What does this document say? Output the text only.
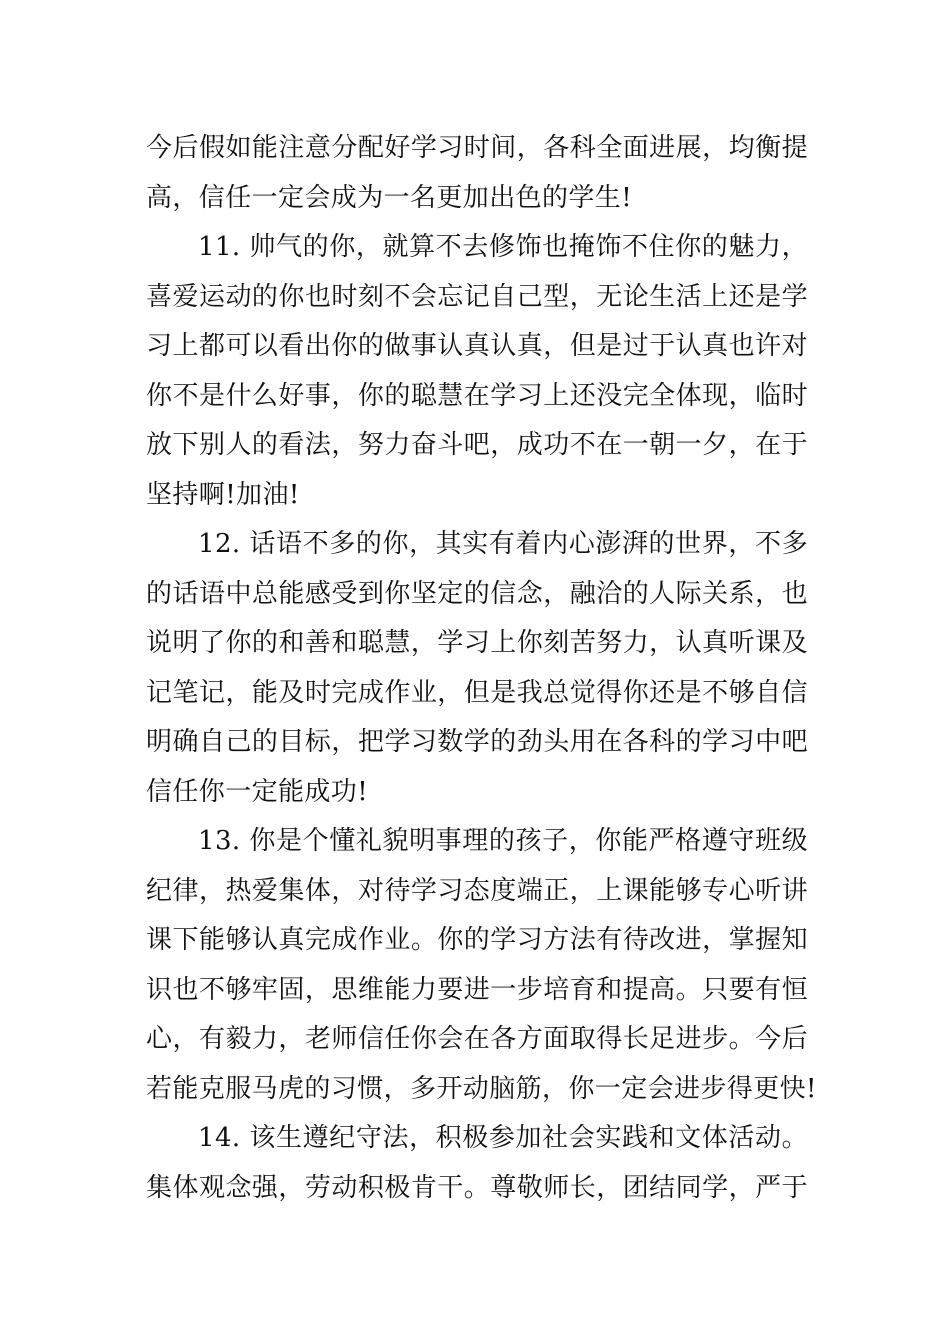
今后假如能注意分配好学习时间，各科全面进展，均衡提
高，信任一定会成为一名更加出色的学生!
11. 帅气的你，就算不去修饰也掩饰不住你的魅力，
喜爱运动的你也时刻不会忘记自己型，无论生活上还是学
习上都可以看出你的做事认真认真，但是过于认真也许对
你不是什么好事，你的聪慧在学习上还没完全体现，临时
放下别人的看法，努力奋斗吧，成功不在一朝一夕，在于
坚持啊!加油!
12. 话语不多的你，其实有着内心澎湃的世界，不多
的话语中总能感受到你坚定的信念，融洽的人际关系，也
说明了你的和善和聪慧，学习上你刻苦努力，认真听课及
记笔记，能及时完成作业，但是我总觉得你还是不够自信
明确自己的目标，把学习数学的劲头用在各科的学习中吧
信任你一定能成功!
13. 你是个懂礼貌明事理的孩子，你能严格遵守班级
纪律，热爱集体，对待学习态度端正，上课能够专心听讲
课下能够认真完成作业。你的学习方法有待改进，掌握知
识也不够牢固，思维能力要进一步培育和提高。只要有恒
心，有毅力，老师信任你会在各方面取得长足进步。今后
若能克服马虎的习惯，多开动脑筋，你一定会进步得更快!
14. 该生遵纪守法，积极参加社会实践和文体活动。
集体观念强，劳动积极肯干。尊敬师长，团结同学，严于
